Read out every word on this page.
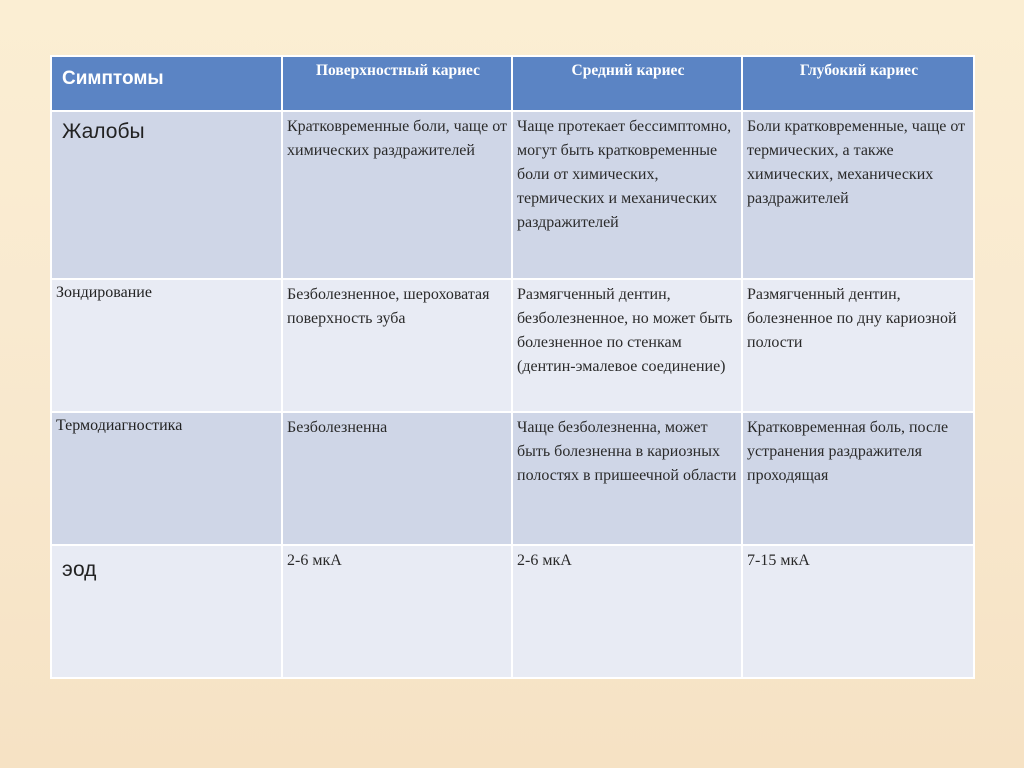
Симптомы	Поверхностный кариес	Средний кариес	Глубокий кариес

Жалобы	Кратковременные боли, чаще от химических раздражителей	Чаще протекает бессимптомно, могут быть кратковременные боли от химических, термических и механических раздражителей	Боли кратковременные, чаще от термических, а также химических, механических раздражителей

Зондирование	Безболезненное, шероховатая поверхность зуба	Размягченный дентин, безболезненное, но может быть болезненное по стенкам (дентин-эмалевое соединение)	Размягченный дентин, болезненное по дну кариозной полости

Термодиагностика	Безболезненна	Чаще безболезненна, может быть болезненна в кариозных полостях в пришеечной области	Кратковременная боль, после устранения раздражителя проходящая

эод	2-6 мкА	2-6 мкА	7-15 мкА
